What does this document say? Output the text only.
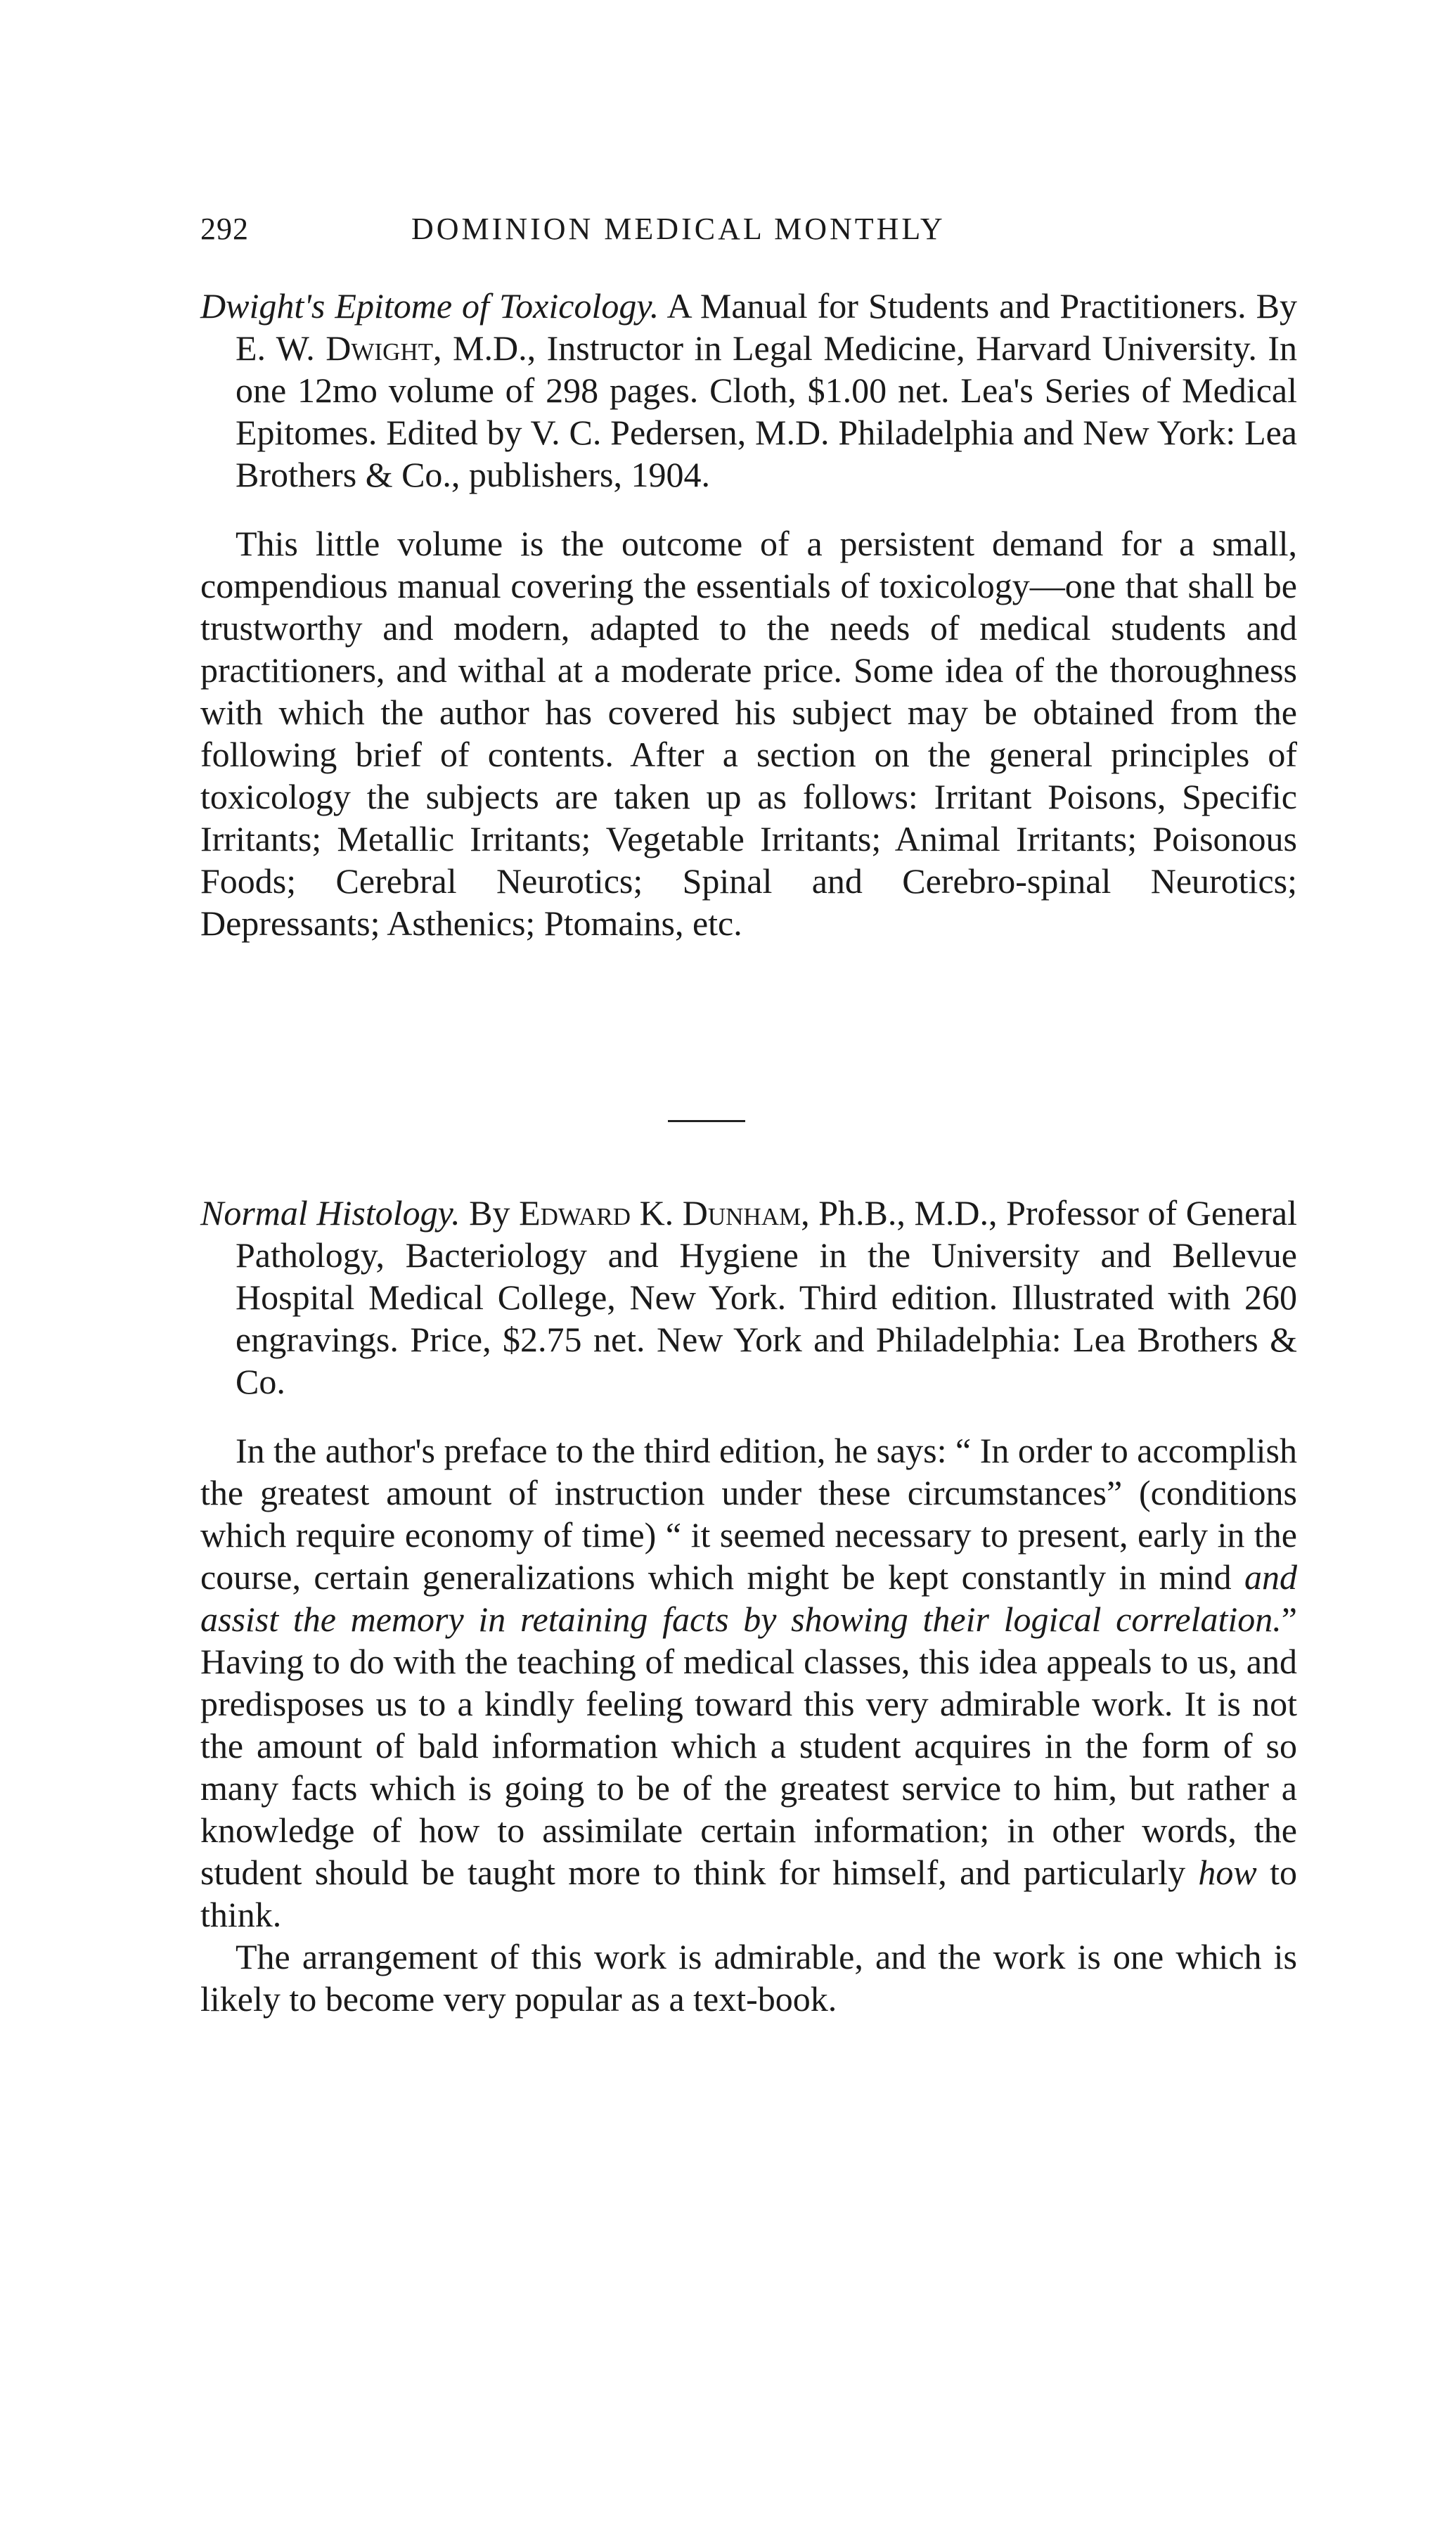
292	DOMINION MEDICAL MONTHLY

Dwight's Epitome of Toxicology. A Manual for Students and Practitioners. By E. W. Dwight, M.D., Instructor in Legal Medicine, Harvard University. In one 12mo volume of 298 pages. Cloth, $1.00 net. Lea's Series of Medical Epitomes. Edited by V. C. Pedersen, M.D. Philadelphia and New York: Lea Brothers & Co., publishers, 1904.

This little volume is the outcome of a persistent demand for a small, compendious manual covering the essentials of toxicology—one that shall be trustworthy and modern, adapted to the needs of medical students and practitioners, and withal at a moderate price. Some idea of the thoroughness with which the author has covered his subject may be obtained from the following brief of contents. After a section on the general principles of toxicology the subjects are taken up as follows: Irritant Poisons, Specific Irritants; Metallic Irritants; Vegetable Irritants; Animal Irritants; Poisonous Foods; Cerebral Neurotics; Spinal and Cerebro-spinal Neurotics; Depressants; Asthenics; Ptomains, etc.

Normal Histology. By Edward K. Dunham, Ph.B., M.D., Professor of General Pathology, Bacteriology and Hygiene in the University and Bellevue Hospital Medical College, New York. Third edition. Illustrated with 260 engravings. Price, $2.75 net. New York and Philadelphia: Lea Brothers & Co.

In the author's preface to the third edition, he says: “ In order to accomplish the greatest amount of instruction under these circumstances” (conditions which require economy of time) “ it seemed necessary to present, early in the course, certain generalizations which might be kept constantly in mind and assist the memory in retaining facts by showing their logical correlation.” Having to do with the teaching of medical classes, this idea appeals to us, and predisposes us to a kindly feeling toward this very admirable work. It is not the amount of bald information which a student acquires in the form of so many facts which is going to be of the greatest service to him, but rather a knowledge of how to assimilate certain information; in other words, the student should be taught more to think for himself, and particularly how to think.

The arrangement of this work is admirable, and the work is one which is likely to become very popular as a text-book.
